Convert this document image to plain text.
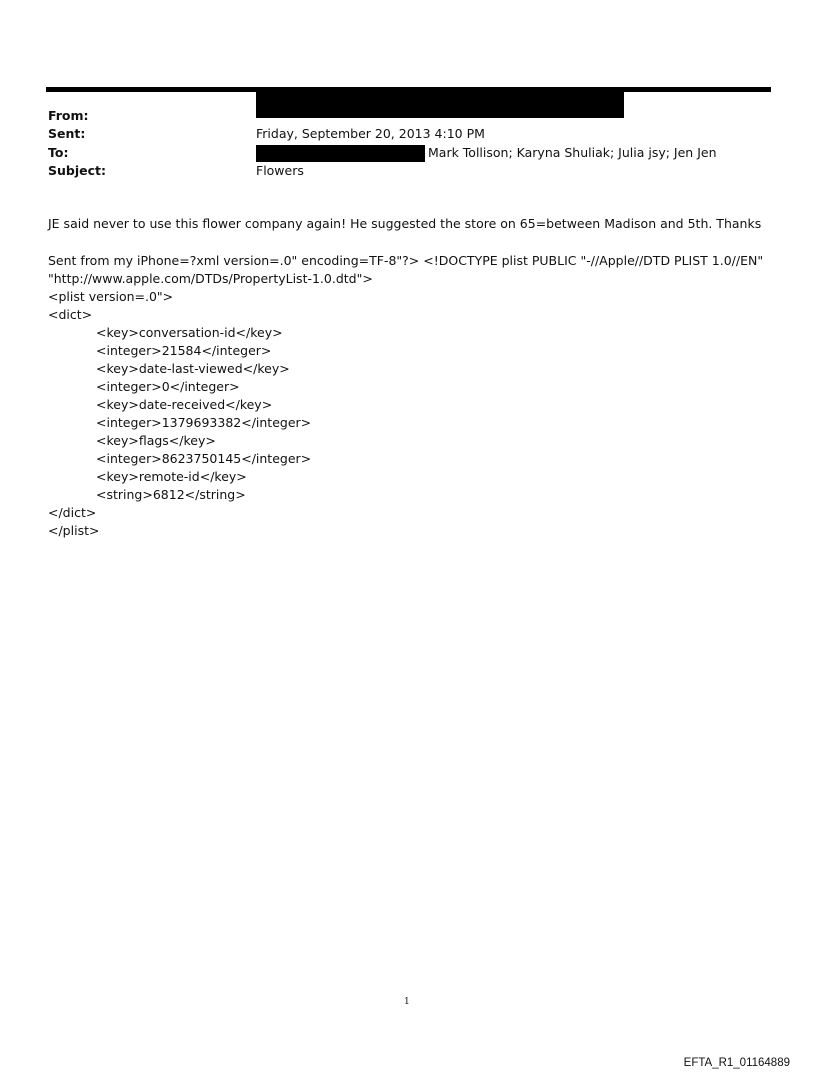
From:
Sent:
To:
Subject:
Friday, September 20, 2013 4:10 PM
Mark Tollison; Karyna Shuliak; Julia jsy; Jen Jen
Flowers
JE said never to use this flower company again! He suggested the store on 65=between Madison and 5th. Thanks
Sent from my iPhone=?xml version=.0" encoding=TF-8"?> <!DOCTYPE plist PUBLIC "-//Apple//DTD PLIST 1.0//EN"
"http://www.apple.com/DTDs/PropertyList-1.0.dtd">
<plist version=.0">
<dict>
<key>conversation-id</key>
<integer>21584</integer>
<key>date-last-viewed</key>
<integer>0</integer>
<key>date-received</key>
<integer>1379693382</integer>
<key>flags</key>
<integer>8623750145</integer>
<key>remote-id</key>
<string>6812</string>
</dict>
</plist>
1
EFTA_R1_01164889
